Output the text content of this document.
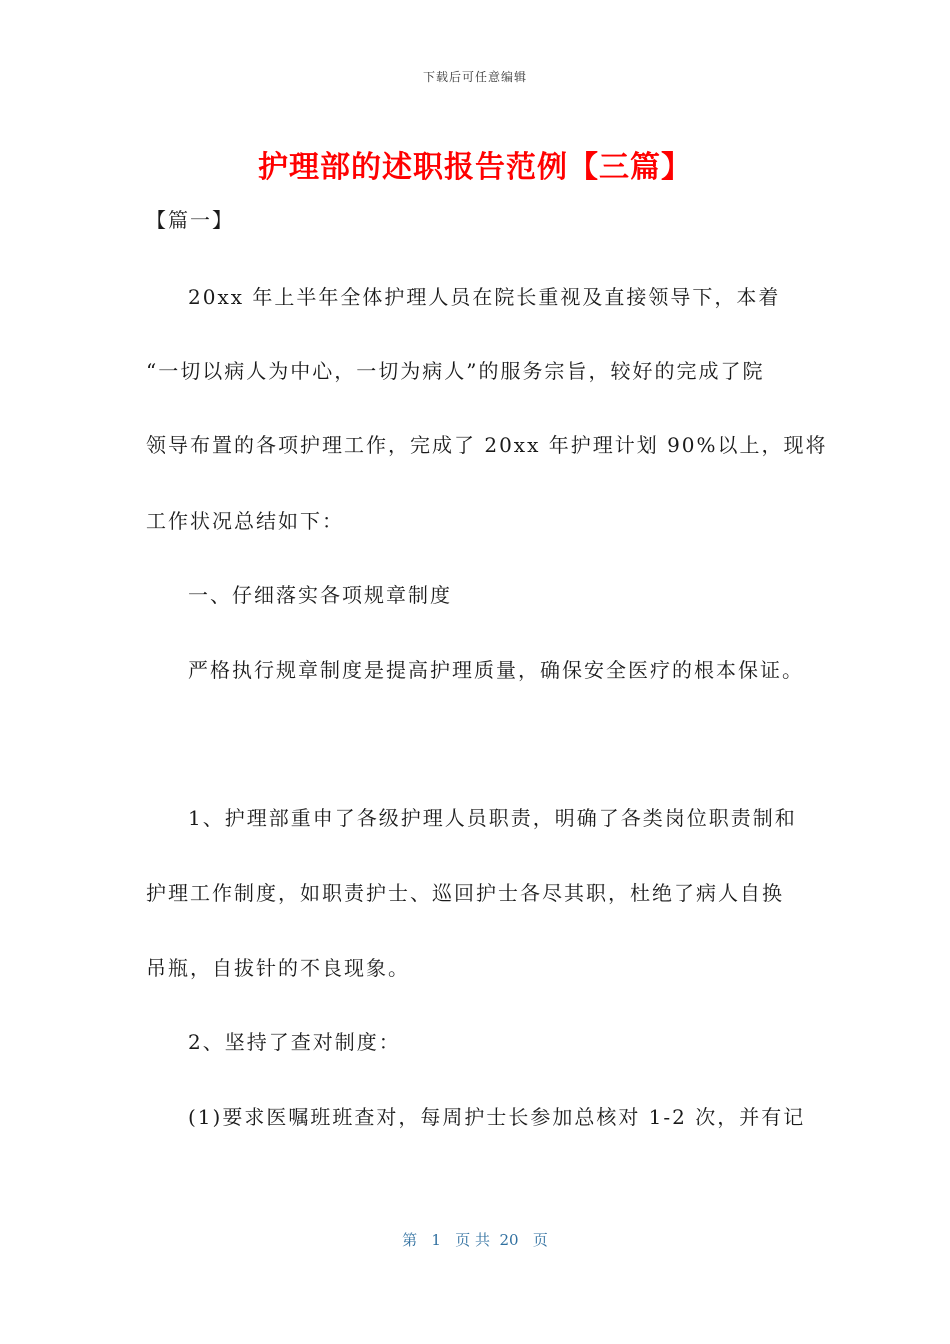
下载后可任意编辑
护理部的述职报告范例【三篇】
【篇一】
20xx 年上半年全体护理人员在院长重视及直接领导下，本着
“一切以病人为中心，一切为病人”的服务宗旨，较好的完成了院
领导布置的各项护理工作，完成了 20xx 年护理计划 90%以上，现将
工作状况总结如下：
一、仔细落实各项规章制度
严格执行规章制度是提高护理质量，确保安全医疗的根本保证。
1、护理部重申了各级护理人员职责，明确了各类岗位职责制和
护理工作制度，如职责护士、巡回护士各尽其职，杜绝了病人自换
吊瓶，自拔针的不良现象。
2、坚持了查对制度：
(1)要求医嘱班班查对，每周护士长参加总核对 1-2 次，并有记
第   1   页 共  20   页
